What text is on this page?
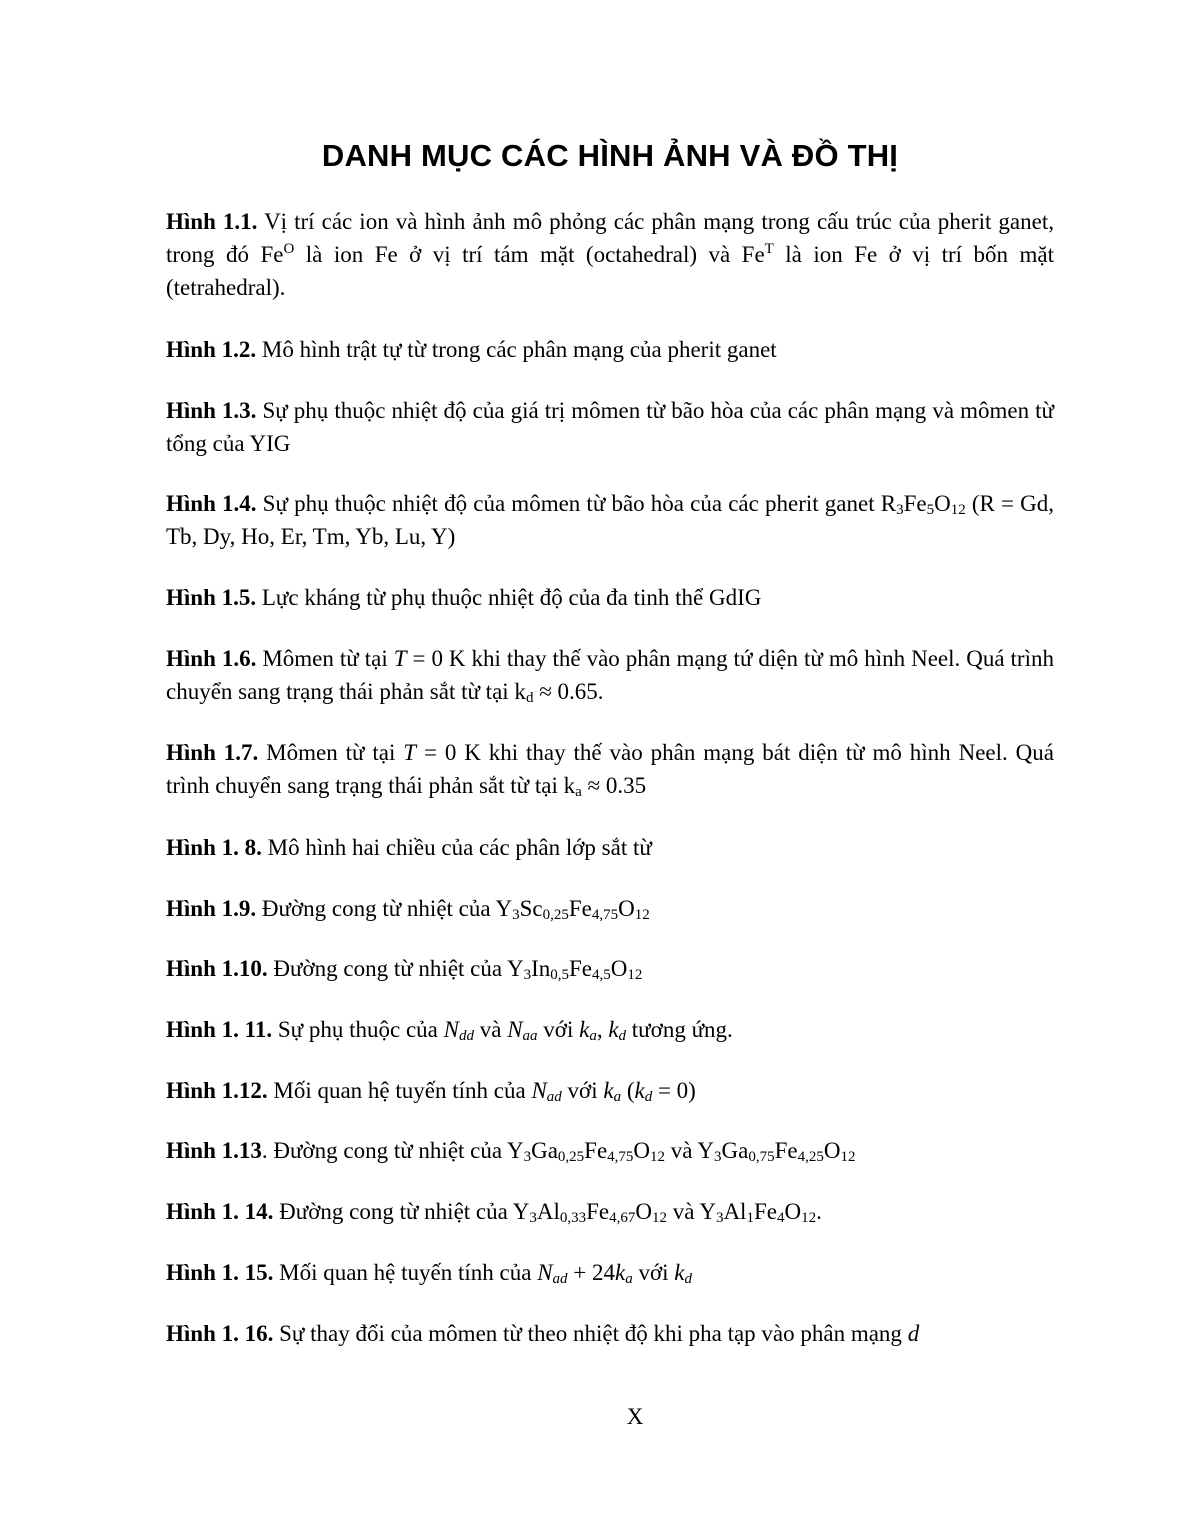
DANH MỤC CÁC HÌNH ẢNH VÀ ĐỒ THỊ
Hình 1.1. Vị trí các ion và hình ảnh mô phỏng các phân mạng trong cấu trúc của pherit ganet, trong đó $Fe^O$ là ion Fe ở vị trí tám mặt (octahedral) và $Fe^T$ là ion Fe ở vị trí bốn mặt (tetrahedral).
Hình 1.2. Mô hình trật tự từ trong các phân mạng của pherit ganet
Hình 1.3. Sự phụ thuộc nhiệt độ của giá trị mômen từ bão hòa của các phân mạng và mômen từ tổng của YIG
Hình 1.4. Sự phụ thuộc nhiệt độ của mômen từ bão hòa của các pherit ganet $R_3Fe_5O_{12}$ (R = Gd, Tb, Dy, Ho, Er, Tm, Yb, Lu, Y)
Hình 1.5. Lực kháng từ phụ thuộc nhiệt độ của đa tinh thể GdIG
Hình 1.6. Mômen từ tại T = 0 K khi thay thế vào phân mạng tứ diện từ mô hình Neel. Quá trình chuyển sang trạng thái phản sắt từ tại $k_d \approx 0.65$.
Hình 1.7. Mômen từ tại T = 0 K khi thay thế vào phân mạng bát diện từ mô hình Neel. Quá trình chuyển sang trạng thái phản sắt từ tại $k_a \approx 0.35$
Hình 1. 8. Mô hình hai chiều của các phân lớp sắt từ
Hình 1.9. Đường cong từ nhiệt của $Y_3Sc_{0,25}Fe_{4,75}O_{12}$
Hình 1.10. Đường cong từ nhiệt của $Y_3In_{0,5}Fe_{4,5}O_{12}$
Hình 1. 11. Sự phụ thuộc của $N_{dd}$ và $N_{aa}$ với $k_a$, $k_d$ tương ứng.
Hình 1.12. Mối quan hệ tuyến tính của $N_{ad}$ với $k_a$ $(k_d = 0)$
Hình 1.13. Đường cong từ nhiệt của $Y_3Ga_{0,25}Fe_{4,75}O_{12}$ và $Y_3Ga_{0,75}Fe_{4,25}O_{12}$
Hình 1. 14. Đường cong từ nhiệt của $Y_3Al_{0,33}Fe_{4,67}O_{12}$ và $Y_3Al_1Fe_4O_{12}$.
Hình 1. 15. Mối quan hệ tuyến tính của $N_{ad} + 24k_a$ với $k_d$
Hình 1. 16. Sự thay đổi của mômen từ theo nhiệt độ khi pha tạp vào phân mạng d
X
